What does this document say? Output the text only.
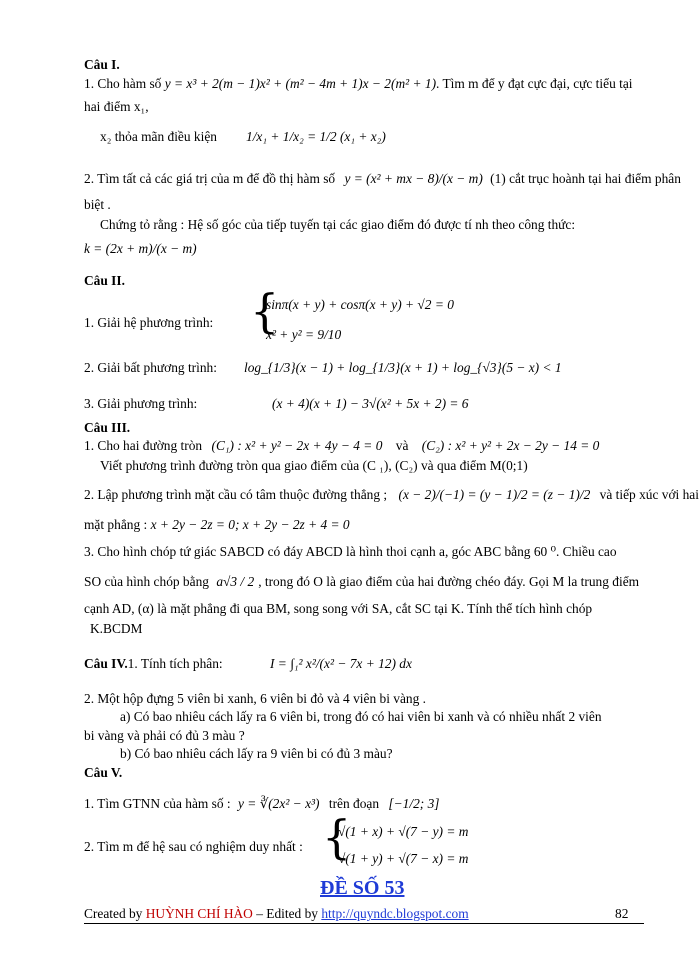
Câu I.
1. Cho hàm số y = x³ + 2(m − 1)x² + (m² − 4m + 1)x − 2(m² + 1). Tìm m để y đạt cực đại, cực tiểu tại
hai điểm x₁,
x₂ thỏa mãn điều kiện 1/x₁ + 1/x₂ = 1/2 (x₁ + x₂)
2. Tìm tất cả các giá trị của m để đồ thị hàm số y = (x² + mx − 8)/(x − m) (1) cắt trục hoành tại hai điểm phân
biệt .
Chứng tỏ rằng : Hệ số góc của tiếp tuyến tại các giao điểm đó được tí nh theo công thức:
k = (2x + m)/(x − m)
Câu II.
1. Giải hệ phương trình: {
sinπ(x + y) + cosπ(x + y) + √2 = 0
x² + y² = 9/10
2. Giải bất phương trình: log_{1/3}(x − 1) + log_{1/3}(x + 1) + log_{√3}(5 − x) < 1
3. Giải phương trình:	(x + 4)(x + 1) − 3√(x² + 5x + 2) = 6
Câu III.
1. Cho hai đường tròn (C₁) : x² + y² − 2x + 4y − 4 = 0 và (C₂) : x² + y² + 2x − 2y − 14 = 0
Viết phương trình đường tròn qua giao điểm của (C ₁), (C₂) và qua điểm M(0;1)
2. Lập phương trình mặt cầu có tâm thuộc đường thẳng ; (x − 2)/(−1) = (y − 1)/2 = (z − 1)/2 và tiếp xúc với hai
mặt phẳng : x + 2y − 2z = 0; x + 2y − 2z + 4 = 0
3. Cho hình chóp tứ giác SABCD có đáy ABCD là hình thoi cạnh a, góc ABC bằng 60 ⁰. Chiều cao
SO của hình chóp bằng a√3 / 2 , trong đó O là giao điểm của hai đường chéo đáy. Gọi M la trung điểm
cạnh AD, (α) là mặt phẳng đi qua BM, song song với SA, cắt SC tại K. Tính thể tích hình chóp
K.BCDM
Câu IV.1. Tính tích phân:	I = ∫₁² x²/(x² − 7x + 12) dx
2. Một hộp đựng 5 viên bi xanh, 6 viên bi đỏ và 4 viên bi vàng .
a) Có bao nhiêu cách lấy ra 6 viên bi, trong đó có hai viên bi xanh và có nhiều nhất 2 viên
bi vàng và phải có đủ 3 màu ?
b) Có bao nhiêu cách lấy ra 9 viên bi có đủ 3 màu?
Câu V.
1. Tìm GTNN của hàm số : y = ∛(2x² − x³) trên đoạn [−1/2; 3]
2. Tìm m để hệ sau có nghiệm duy nhất : {
√(1 + x) + √(7 − y) = m
√(1 + y) + √(7 − x) = m
ĐỀ SỐ 53
Created by HUỲNH CHÍ HÀO – Edited by http://quyndc.blogspot.com	82
